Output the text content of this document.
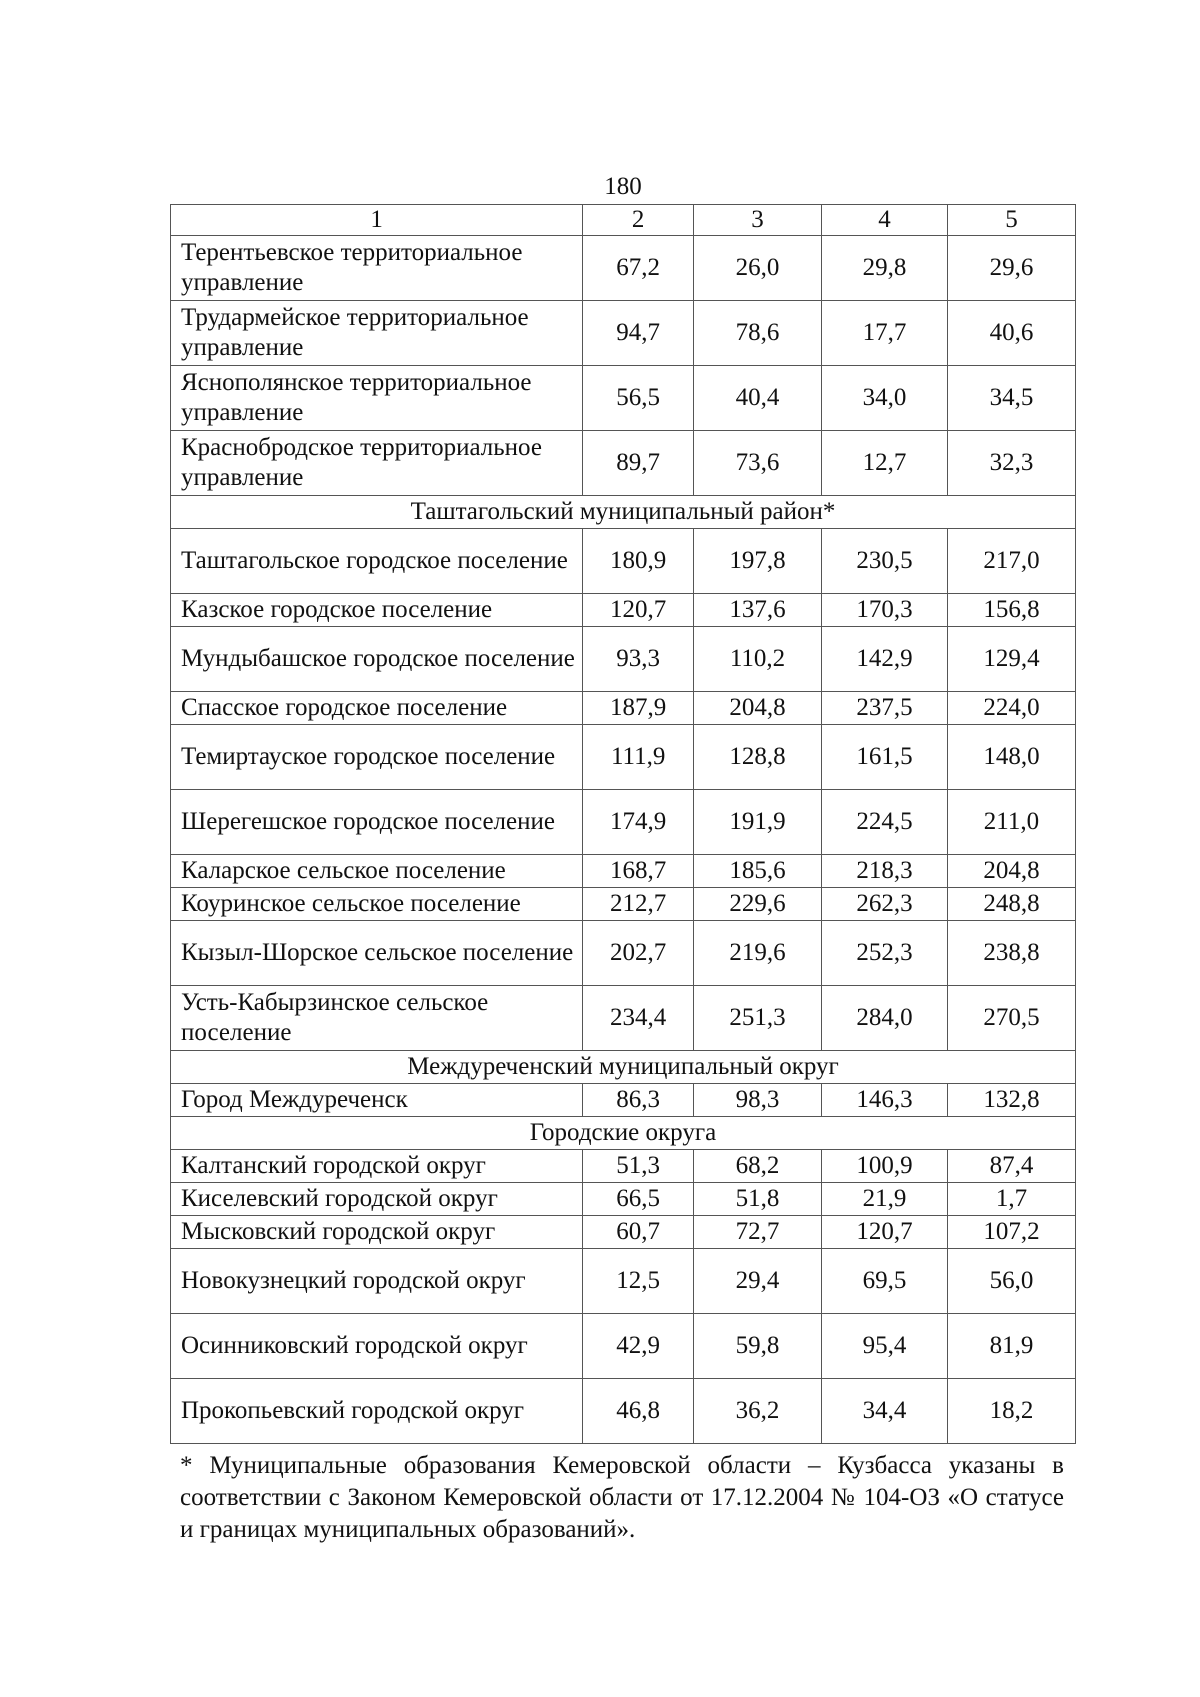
180
1	2	3	4	5
Терентьевское территориальное управление	67,2	26,0	29,8	29,6
Трудармейское территориальное управление	94,7	78,6	17,7	40,6
Яснополянское территориальное управление	56,5	40,4	34,0	34,5
Краснобродское территориальное управление	89,7	73,6	12,7	32,3
Таштагольский муниципальный район*				
Таштагольское городское поселение	180,9	197,8	230,5	217,0
Казское городское поселение	120,7	137,6	170,3	156,8
Мундыбашское городское поселение	93,3	110,2	142,9	129,4
Спасское городское поселение	187,9	204,8	237,5	224,0
Темиртауское городское поселение	111,9	128,8	161,5	148,0
Шерегешское городское поселение	174,9	191,9	224,5	211,0
Каларское сельское поселение	168,7	185,6	218,3	204,8
Коуринское сельское поселение	212,7	229,6	262,3	248,8
Кызыл-Шорское сельское поселение	202,7	219,6	252,3	238,8
Усть-Кабырзинское сельское поселение	234,4	251,3	284,0	270,5
Междуреченский муниципальный округ				
Город Междуреченск	86,3	98,3	146,3	132,8
Городские округа				
Калтанский городской округ	51,3	68,2	100,9	87,4
Киселевский городской округ	66,5	51,8	21,9	1,7
Мысковский городской округ	60,7	72,7	120,7	107,2
Новокузнецкий городской округ	12,5	29,4	69,5	56,0
Осинниковский городской округ	42,9	59,8	95,4	81,9
Прокопьевский городской округ	46,8	36,2	34,4	18,2
* Муниципальные образования Кемеровской области – Кузбасса указаны в соответствии с Законом Кемеровской области от 17.12.2004 № 104-ОЗ «О статусе и границах муниципальных образований».
